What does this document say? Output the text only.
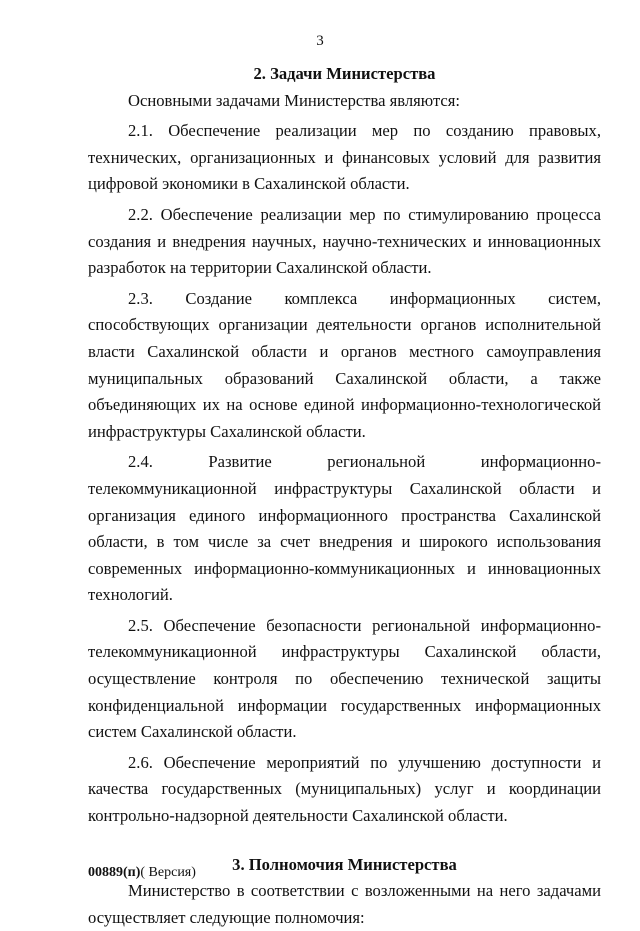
3

2. Задачи Министерства

Основными задачами Министерства являются:

2.1. Обеспечение реализации мер по созданию правовых, технических, организационных и финансовых условий для развития цифровой экономики в Сахалинской области.

2.2. Обеспечение реализации мер по стимулированию процесса создания и внедрения научных, научно-технических и инновационных разработок на территории Сахалинской области.

2.3. Создание комплекса информационных систем, способствующих организации деятельности органов исполнительной власти Сахалинской области и органов местного самоуправления муниципальных образований Сахалинской области, а также объединяющих их на основе единой информационно-технологической инфраструктуры Сахалинской области.

2.4. Развитие региональной информационно-телекоммуникационной инфраструктуры Сахалинской области и организация единого информационного пространства Сахалинской области, в том числе за счет внедрения и широкого использования современных информационно-коммуникационных и инновационных технологий.

2.5. Обеспечение безопасности региональной информационно-телекоммуникационной инфраструктуры Сахалинской области, осуществление контроля по обеспечению технической защиты конфиденциальной информации государственных информационных систем Сахалинской области.

2.6. Обеспечение мероприятий по улучшению доступности и качества государственных (муниципальных) услуг и координации контрольно-надзорной деятельности Сахалинской области.

3. Полномочия Министерства

Министерство в соответствии с возложенными на него задачами осуществляет следующие полномочия:

00889(п)( Версия)
